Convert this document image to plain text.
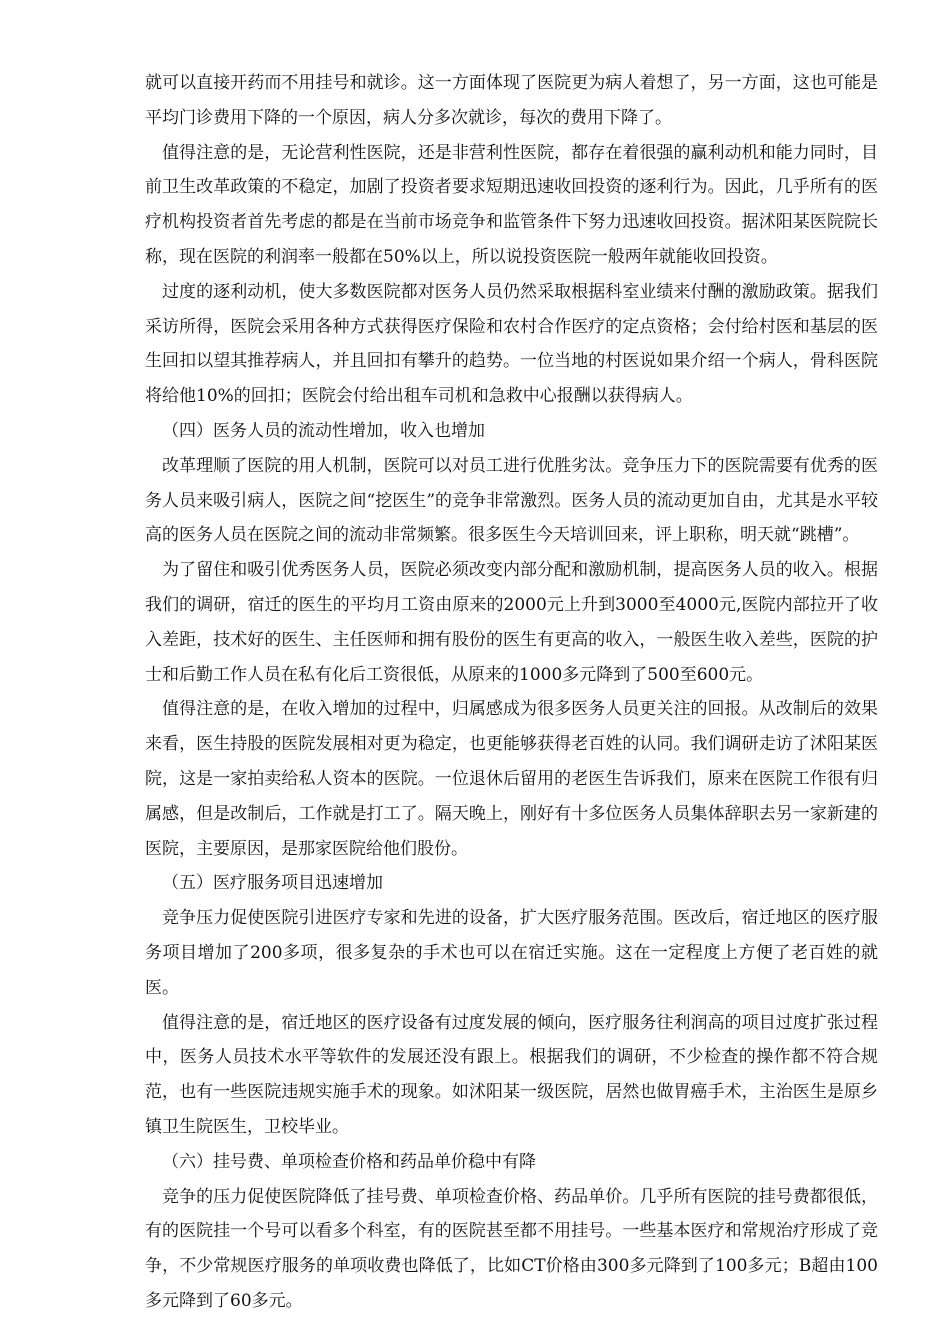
就可以直接开药而不用挂号和就诊。这一方面体现了医院更为病人着想了，另一方面，这也可能是平均门诊费用下降的一个原因，病人分多次就诊，每次的费用下降了。

值得注意的是，无论营利性医院，还是非营利性医院，都存在着很强的赢利动机和能力同时，目前卫生改革政策的不稳定，加剧了投资者要求短期迅速收回投资的逐利行为。因此，几乎所有的医疗机构投资者首先考虑的都是在当前市场竞争和监管条件下努力迅速收回投资。据沭阳某医院院长称，现在医院的利润率一般都在50%以上，所以说投资医院一般两年就能收回投资。

过度的逐利动机，使大多数医院都对医务人员仍然采取根据科室业绩来付酬的激励政策。据我们采访所得，医院会采用各种方式获得医疗保险和农村合作医疗的定点资格；会付给村医和基层的医生回扣以望其推荐病人，并且回扣有攀升的趋势。一位当地的村医说如果介绍一个病人，骨科医院将给他10%的回扣；医院会付给出租车司机和急救中心报酬以获得病人。

（四）医务人员的流动性增加，收入也增加

改革理顺了医院的用人机制，医院可以对员工进行优胜劣汰。竞争压力下的医院需要有优秀的医务人员来吸引病人，医院之间“挖医生”的竞争非常激烈。医务人员的流动更加自由，尤其是水平较高的医务人员在医院之间的流动非常频繁。很多医生今天培训回来，评上职称，明天就“跳槽”。

为了留住和吸引优秀医务人员，医院必须改变内部分配和激励机制，提高医务人员的收入。根据我们的调研，宿迁的医生的平均月工资由原来的2000元上升到3000至4000元,医院内部拉开了收入差距，技术好的医生、主任医师和拥有股份的医生有更高的收入，一般医生收入差些，医院的护士和后勤工作人员在私有化后工资很低，从原来的1000多元降到了500至600元。

值得注意的是，在收入增加的过程中，归属感成为很多医务人员更关注的回报。从改制后的效果来看，医生持股的医院发展相对更为稳定，也更能够获得老百姓的认同。我们调研走访了沭阳某医院，这是一家拍卖给私人资本的医院。一位退休后留用的老医生告诉我们，原来在医院工作很有归属感，但是改制后，工作就是打工了。隔天晚上，刚好有十多位医务人员集体辞职去另一家新建的医院，主要原因，是那家医院给他们股份。

（五）医疗服务项目迅速增加

竞争压力促使医院引进医疗专家和先进的设备，扩大医疗服务范围。医改后，宿迁地区的医疗服务项目增加了200多项，很多复杂的手术也可以在宿迁实施。这在一定程度上方便了老百姓的就医。

值得注意的是，宿迁地区的医疗设备有过度发展的倾向，医疗服务往利润高的项目过度扩张过程中，医务人员技术水平等软件的发展还没有跟上。根据我们的调研，不少检查的操作都不符合规范，也有一些医院违规实施手术的现象。如沭阳某一级医院，居然也做胃癌手术，主治医生是原乡镇卫生院医生，卫校毕业。

（六）挂号费、单项检查价格和药品单价稳中有降

竞争的压力促使医院降低了挂号费、单项检查价格、药品单价。几乎所有医院的挂号费都很低，有的医院挂一个号可以看多个科室，有的医院甚至都不用挂号。一些基本医疗和常规治疗形成了竞争，不少常规医疗服务的单项收费也降低了，比如CT价格由300多元降到了100多元；B超由100多元降到了60多元。
